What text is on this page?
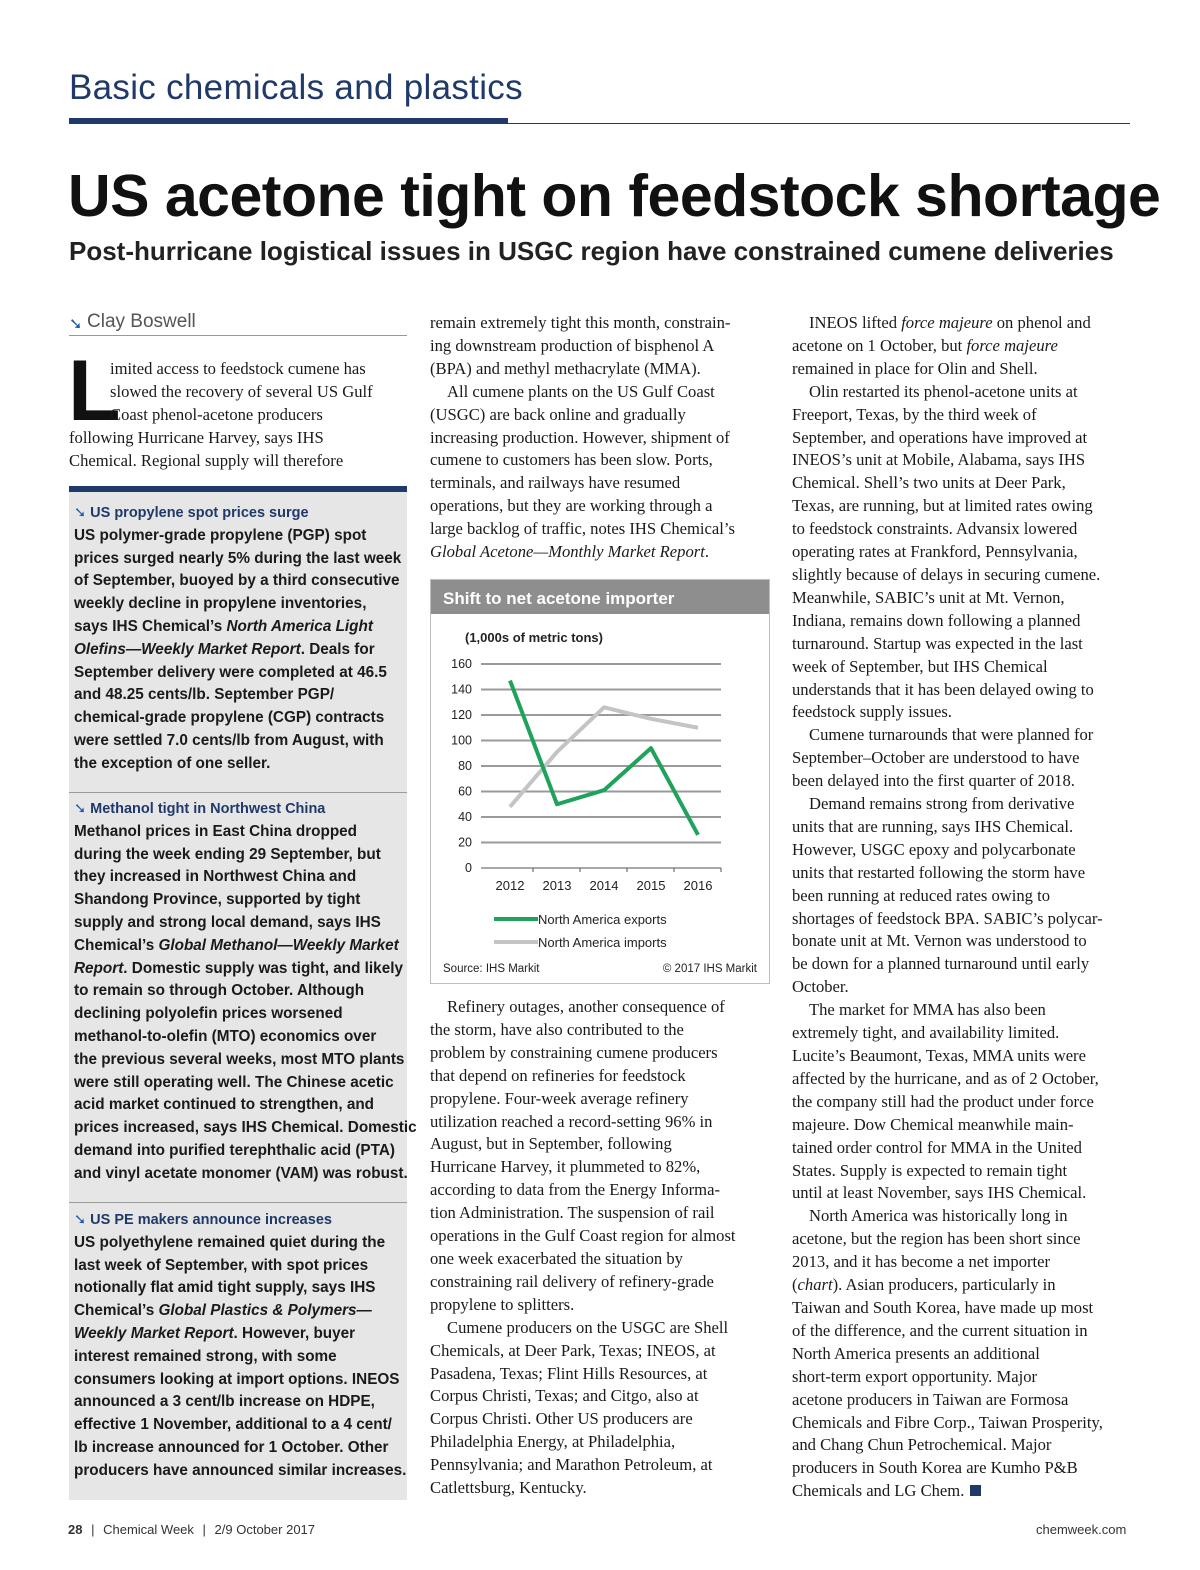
Basic chemicals and plastics
US acetone tight on feedstock shortage
Post-hurricane logistical issues in USGC region have constrained cumene deliveries
➘ Clay Boswell
L
imited access to feedstock cumene has
slowed the recovery of several US Gulf
Coast phenol-acetone producers
following Hurricane Harvey, says IHS
Chemical. Regional supply will therefore
➘ US propylene spot prices surge
US polymer-grade propylene (PGP) spot
prices surged nearly 5% during the last week
of September, buoyed by a third consecutive
weekly decline in propylene inventories,
says IHS Chemical’s North America Light
Olefins—Weekly Market Report. Deals for
September delivery were completed at 46.5
and 48.25 cents/lb. September PGP/
chemical-grade propylene (CGP) contracts
were settled 7.0 cents/lb from August, with
the exception of one seller.
➘ Methanol tight in Northwest China
Methanol prices in East China dropped
during the week ending 29 September, but
they increased in Northwest China and
Shandong Province, supported by tight
supply and strong local demand, says IHS
Chemical’s Global Methanol—Weekly Market
Report. Domestic supply was tight, and likely
to remain so through October. Although
declining polyolefin prices worsened
methanol-to-olefin (MTO) economics over
the previous several weeks, most MTO plants
were still operating well. The Chinese acetic
acid market continued to strengthen, and
prices increased, says IHS Chemical. Domestic
demand into purified terephthalic acid (PTA)
and vinyl acetate monomer (VAM) was robust.
➘ US PE makers announce increases
US polyethylene remained quiet during the
last week of September, with spot prices
notionally flat amid tight supply, says IHS
Chemical’s Global Plastics & Polymers—
Weekly Market Report. However, buyer
interest remained strong, with some
consumers looking at import options. INEOS
announced a 3 cent/lb increase on HDPE,
effective 1 November, additional to a 4 cent/
lb increase announced for 1 October. Other
producers have announced similar increases.
remain extremely tight this month, constrain-
ing downstream production of bisphenol A
(BPA) and methyl methacrylate (MMA).
All cumene plants on the US Gulf Coast
(USGC) are back online and gradually
increasing production. However, shipment of
cumene to customers has been slow. Ports,
terminals, and railways have resumed
operations, but they are working through a
large backlog of traffic, notes IHS Chemical’s
Global Acetone—Monthly Market Report.
Shift to net acetone importer
(1,000s of metric tons)
0
20
40
60
80
100
120
140
160
2012 2013 2014 2015 2016
North America exports
North America imports
Source: IHS Markit	© 2017 IHS Markit
Refinery outages, another consequence of
the storm, have also contributed to the
problem by constraining cumene producers
that depend on refineries for feedstock
propylene. Four-week average refinery
utilization reached a record-setting 96% in
August, but in September, following
Hurricane Harvey, it plummeted to 82%,
according to data from the Energy Informa-
tion Administration. The suspension of rail
operations in the Gulf Coast region for almost
one week exacerbated the situation by
constraining rail delivery of refinery-grade
propylene to splitters.
Cumene producers on the USGC are Shell
Chemicals, at Deer Park, Texas; INEOS, at
Pasadena, Texas; Flint Hills Resources, at
Corpus Christi, Texas; and Citgo, also at
Corpus Christi. Other US producers are
Philadelphia Energy, at Philadelphia,
Pennsylvania; and Marathon Petroleum, at
Catlettsburg, Kentucky.
INEOS lifted force majeure on phenol and
acetone on 1 October, but force majeure
remained in place for Olin and Shell.
Olin restarted its phenol-acetone units at
Freeport, Texas, by the third week of
September, and operations have improved at
INEOS’s unit at Mobile, Alabama, says IHS
Chemical. Shell’s two units at Deer Park,
Texas, are running, but at limited rates owing
to feedstock constraints. Advansix lowered
operating rates at Frankford, Pennsylvania,
slightly because of delays in securing cumene.
Meanwhile, SABIC’s unit at Mt. Vernon,
Indiana, remains down following a planned
turnaround. Startup was expected in the last
week of September, but IHS Chemical
understands that it has been delayed owing to
feedstock supply issues.
Cumene turnarounds that were planned for
September–October are understood to have
been delayed into the first quarter of 2018.
Demand remains strong from derivative
units that are running, says IHS Chemical.
However, USGC epoxy and polycarbonate
units that restarted following the storm have
been running at reduced rates owing to
shortages of feedstock BPA. SABIC’s polycar-
bonate unit at Mt. Vernon was understood to
be down for a planned turnaround until early
October.
The market for MMA has also been
extremely tight, and availability limited.
Lucite’s Beaumont, Texas, MMA units were
affected by the hurricane, and as of 2 October,
the company still had the product under force
majeure. Dow Chemical meanwhile main-
tained order control for MMA in the United
States. Supply is expected to remain tight
until at least November, says IHS Chemical.
North America was historically long in
acetone, but the region has been short since
2013, and it has become a net importer
(chart). Asian producers, particularly in
Taiwan and South Korea, have made up most
of the difference, and the current situation in
North America presents an additional
short-term export opportunity. Major
acetone producers in Taiwan are Formosa
Chemicals and Fibre Corp., Taiwan Prosperity,
and Chang Chun Petrochemical. Major
producers in South Korea are Kumho P&B
Chemicals and LG Chem.
28 | Chemical Week | 2/9 October 2017	chemweek.com
